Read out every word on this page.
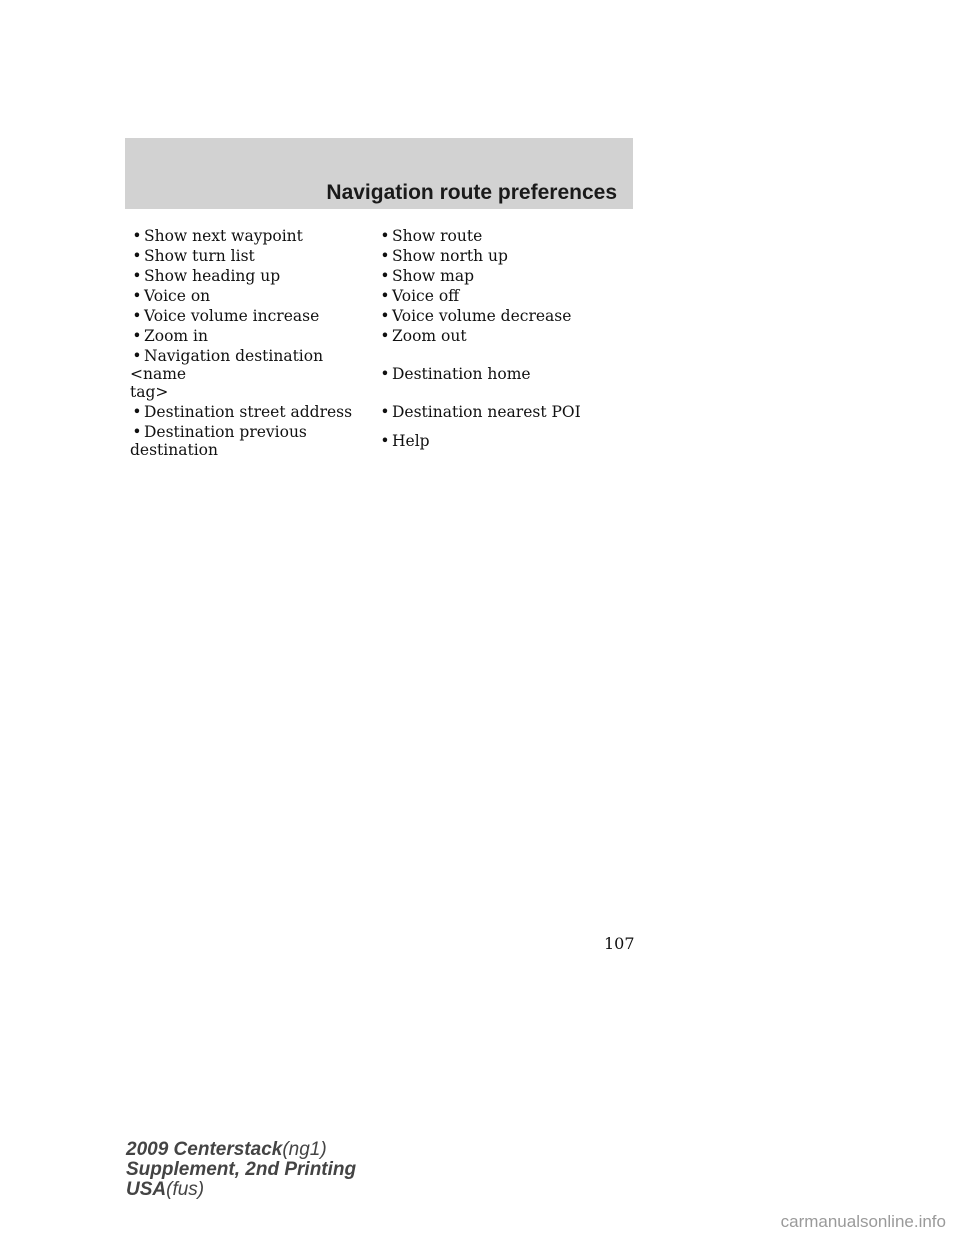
Navigation route preferences
• Show next waypoint	• Show route
• Show turn list	• Show north up
• Show heading up	• Show map
• Voice on	• Voice off
• Voice volume increase	• Voice volume decrease
• Zoom in	• Zoom out

• Navigation destination <name
tag>	• Destination home
• Destination street address	• Destination nearest POI
• Destination previous destination	• Help
107
2009 Centerstack(ng1)
Supplement, 2nd Printing
USA(fus)
carmanualsonline.info
